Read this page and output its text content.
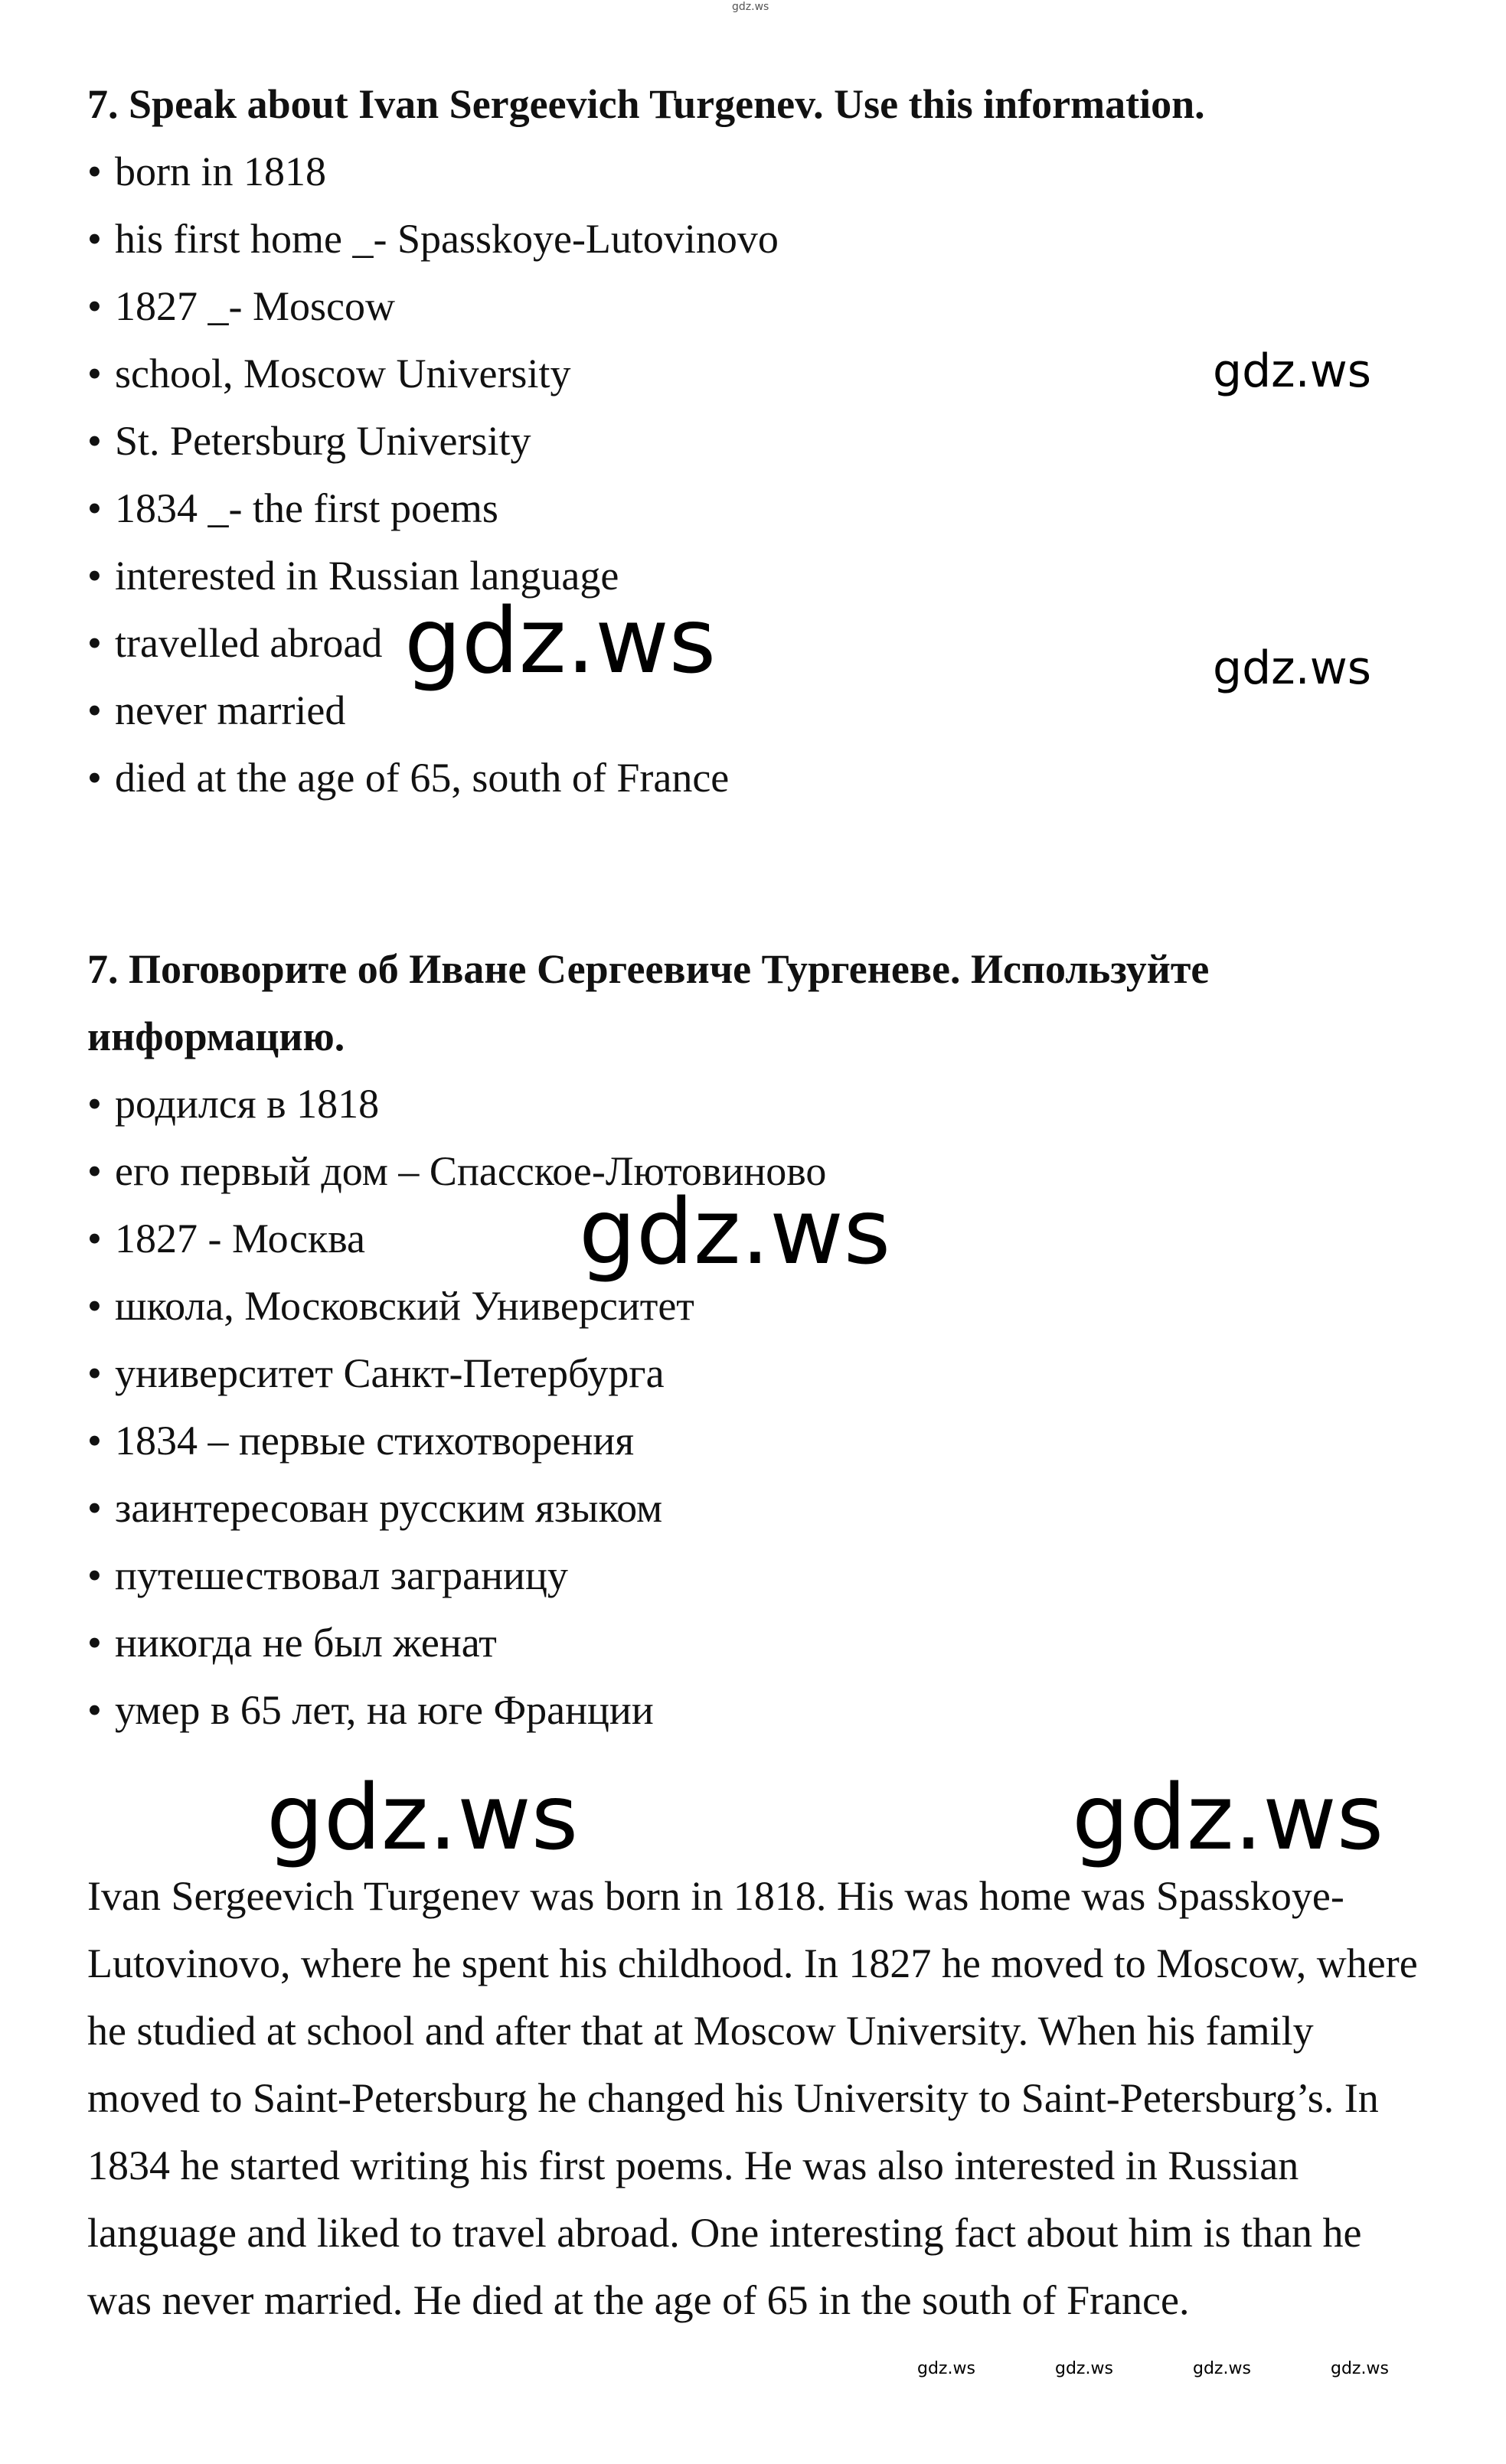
gdz.ws

7. Speak about Ivan Sergeevich Turgenev. Use this information.

• born in 1818
• his first home _- Spasskoye-Lutovinovo
• 1827 _- Moscow
• school, Moscow University
• St. Petersburg University
• 1834 _- the first poems
• interested in Russian language
• travelled abroad
• never married
• died at the age of 65, south of France

7. Поговорите об Иване Сергеевиче Тургеневе. Используйте информацию.

• родился в 1818
• его первый дом – Спасское-Лютовиново
• 1827 - Москва
• школа, Московский Университет
• университет Санкт-Петербурга
• 1834 – первые стихотворения
• заинтересован русским языком
• путешествовал заграницу
• никогда не был женат
• умер в 65 лет, на юге Франции

Ivan Sergeevich Turgenev was born in 1818. His was home was Spasskoye-Lutovinovo, where he spent his childhood. In 1827 he moved to Moscow, where he studied at school and after that at Moscow University. When his family moved to Saint-Petersburg he changed his University to Saint-Petersburg’s. In 1834 he started writing his first poems. He was also interested in Russian language and liked to travel abroad. One interesting fact about him is than he was never married. He died at the age of 65 in the south of France.

gdz.ws
gdz.ws	gdz.ws
gdz.ws
gdz.ws	gdz.ws
gdz.ws	gdz.ws	gdz.ws	gdz.ws
